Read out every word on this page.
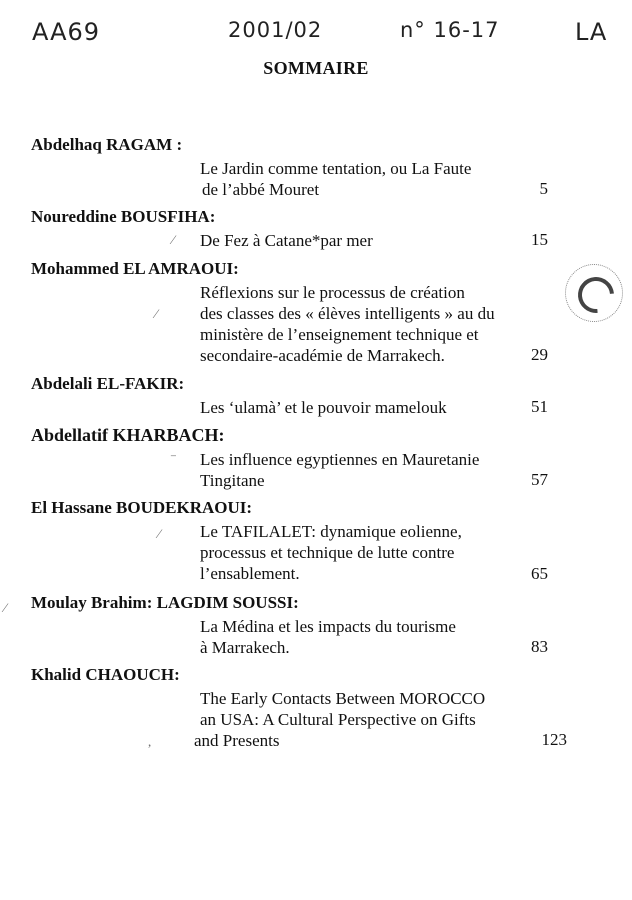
AA69	2001/02	n° 16-17	LA
SOMMAIRE
Abdelhaq RAGAM :
Le Jardin comme tentation, ou La Faute
de l’abbé Mouret	5
Noureddine BOUSFIHA:
⁄ De Fez à Catane*par mer	15
Mohammed EL AMRAOUI:
⁄
Réflexions sur le processus de création
des classes des « élèves intelligents » au du
ministère de l’enseignement technique et
secondaire-académie de Marrakech.	29
Abdelali EL-FAKIR:
Les ‘ulamà’ et le pouvoir mamelouk	51
Abdellatif KHARBACH:
⁻ Les influence egyptiennes en Mauretanie
Tingitane	57
El Hassane BOUDEKRAOUI:
⁄ Le TAFILALET: dynamique eolienne,
processus et technique de lutte contre
l’ensablement.	65
Moulay Brahim: LAGDIM SOUSSI:
⁄
La Médina et les impacts du tourisme
à Marrakech.	83
Khalid CHAOUCH:
,
The Early Contacts Between MOROCCO
an USA: A Cultural Perspective on Gifts
and Presents	123
